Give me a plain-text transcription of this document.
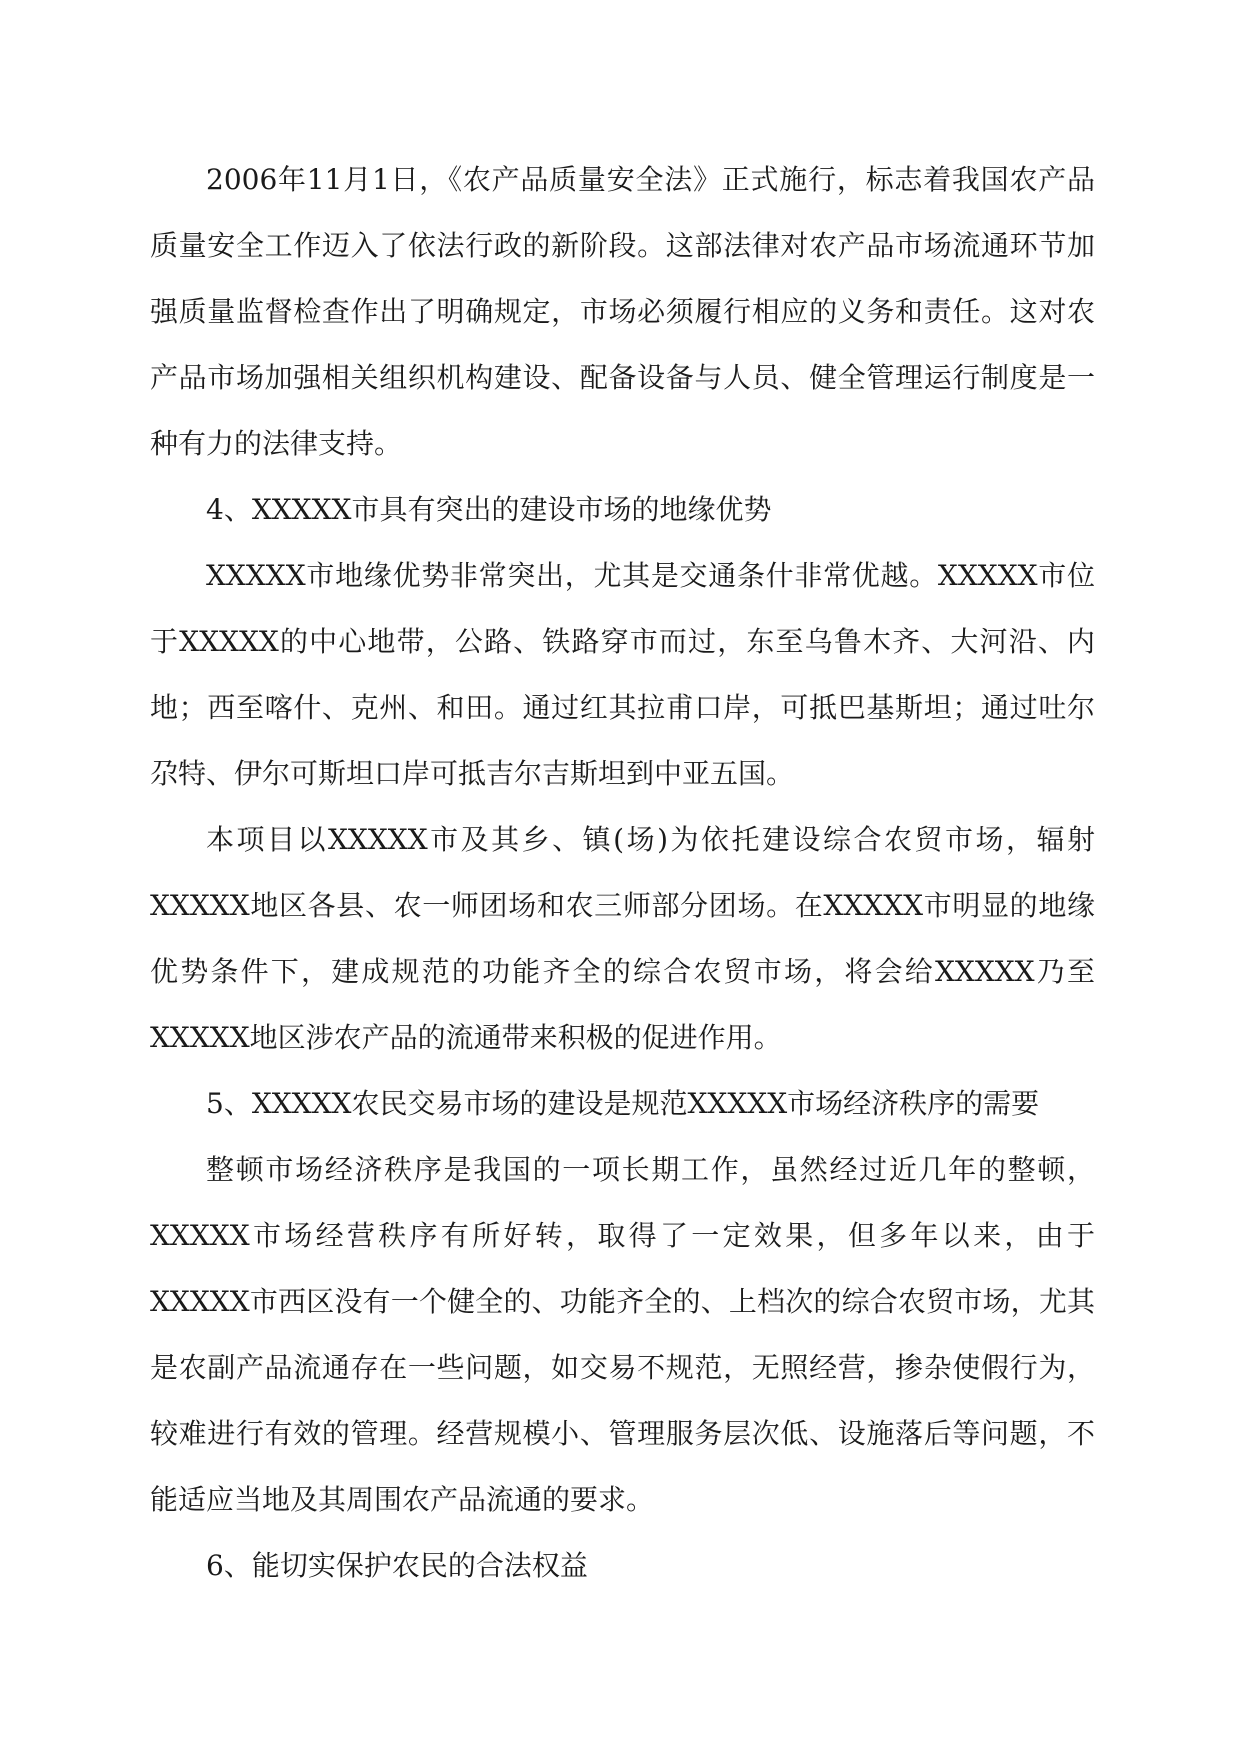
2006年11月1日，《农产品质量安全法》正式施行，标志着我国农产品质量安全工作迈入了依法行政的新阶段。这部法律对农产品市场流通环节加强质量监督检查作出了明确规定，市场必须履行相应的义务和责任。这对农产品市场加强相关组织机构建设、配备设备与人员、健全管理运行制度是一种有力的法律支持。

4、XXXXX市具有突出的建设市场的地缘优势

XXXXX市地缘优势非常突出，尤其是交通条什非常优越。XXXXX市位于XXXXX的中心地带，公路、铁路穿市而过，东至乌鲁木齐、大河沿、内地；西至喀什、克州、和田。通过红其拉甫口岸，可抵巴基斯坦；通过吐尔尕特、伊尔可斯坦口岸可抵吉尔吉斯坦到中亚五国。

本项目以XXXXX市及其乡、镇(场)为依托建设综合农贸市场，辐射XXXXX地区各县、农一师团场和农三师部分团场。在XXXXX市明显的地缘优势条件下，建成规范的功能齐全的综合农贸市场，将会给XXXXX乃至XXXXX地区涉农产品的流通带来积极的促进作用。

5、XXXXX农民交易市场的建设是规范XXXXX市场经济秩序的需要

整顿市场经济秩序是我国的一项长期工作，虽然经过近几年的整顿，XXXXX市场经营秩序有所好转，取得了一定效果，但多年以来，由于XXXXX市西区没有一个健全的、功能齐全的、上档次的综合农贸市场，尤其是农副产品流通存在一些问题，如交易不规范，无照经营，掺杂使假行为，较难进行有效的管理。经营规模小、管理服务层次低、设施落后等问题，不能适应当地及其周围农产品流通的要求。

6、能切实保护农民的合法权益
